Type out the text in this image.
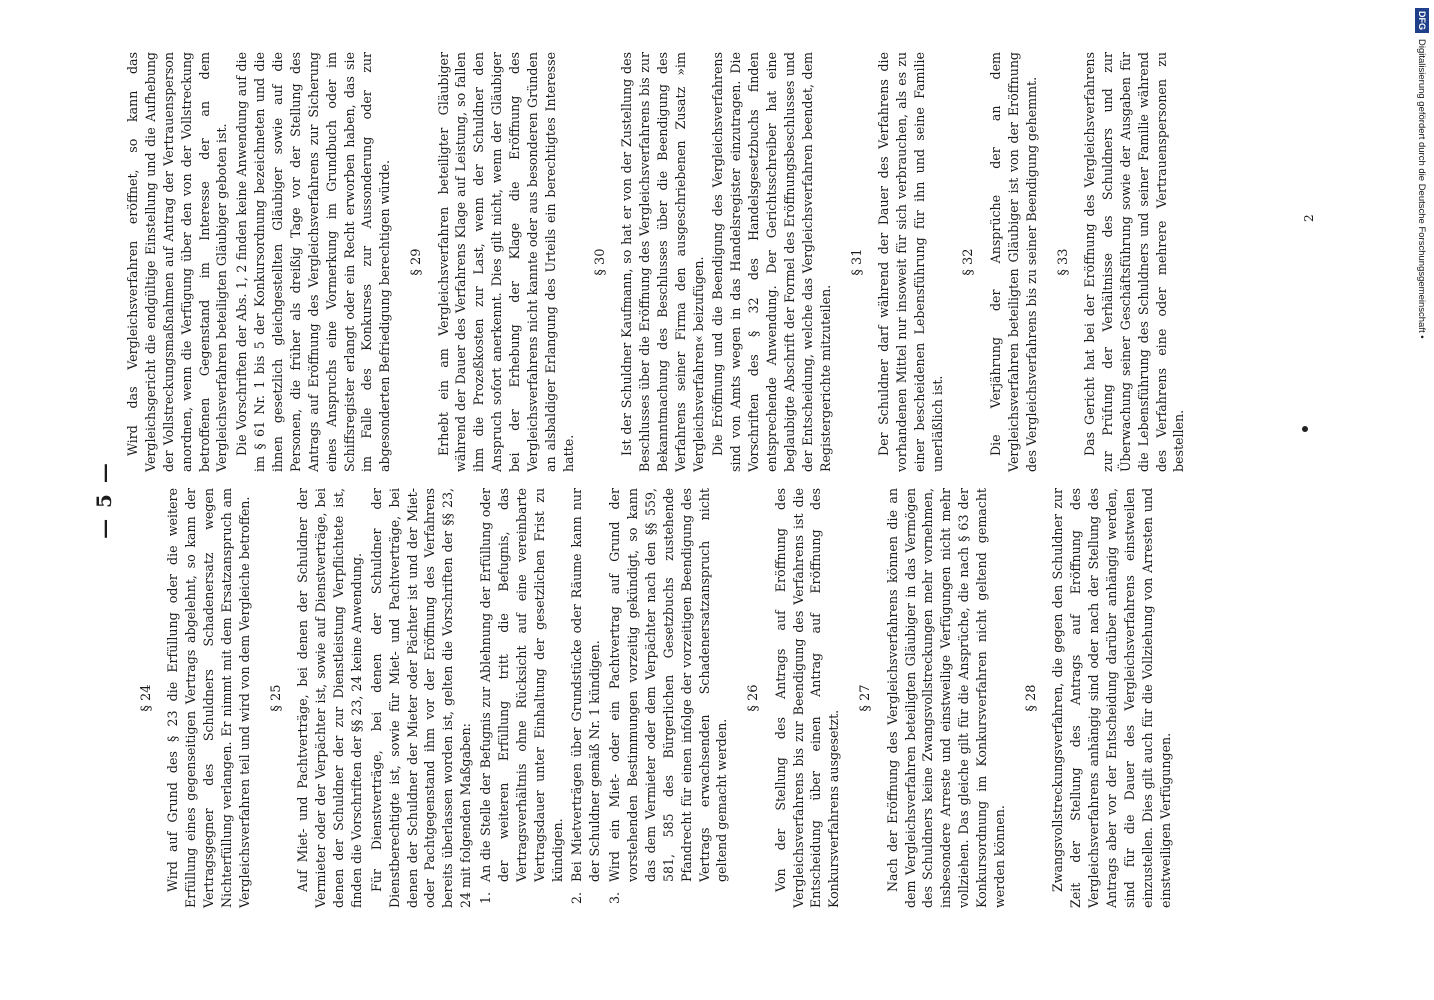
— 5 —
§ 24 Wird auf Grund des § 23 die Erfüllung oder die weitere Erfüllung eines gegenseitigen Vertrags abgelehnt, so kann der Vertragsgegner des Schuldners Schadenersatz wegen Nichterfüllung verlangen. Er nimmt mit dem Ersatzanspruch am Vergleichsverfahren teil und wird von dem Vergleiche betroffen. § 25 Auf Miet- und Pachtverträge, bei denen der Schuldner der Vermieter oder der Verpächter ist, sowie auf Dienstverträge, bei denen der Schuldner der zur Dienstleistung Verpflichtete ist, finden die Vorschriften der §§ 23, 24 keine Anwendung. Für Dienstverträge, bei denen der Schuldner der Dienstberechtigte ist, sowie für Miet- und Pachtverträge, bei denen der Schuldner der Mieter oder Pächter ist und der Miet- oder Pachtgegenstand ihm vor der Eröffnung des Verfahrens bereits überlassen worden ist, gelten die Vorschriften der §§ 23, 24 mit folgenden Maßgaben: 1.
An die Stelle der Befugnis zur Ablehnung der Erfüllung oder der weiteren Erfüllung tritt die Befugnis, das Vertragsverhältnis ohne Rücksicht auf eine vereinbarte Vertragsdauer unter Einhaltung der gesetzlichen Frist zu kündigen.
2.
Bei Mietverträgen über Grundstücke oder Räume kann nur der Schuldner gemäß Nr. 1 kündigen.
3.
Wird ein Miet- oder ein Pachtvertrag auf Grund der vorstehenden Bestimmungen vorzeitig gekündigt, so kann das dem Vermieter oder dem Verpächter nach den §§ 559, 581, 585 des Bürgerlichen Gesetzbuchs zustehende Pfandrecht für einen infolge der vorzeitigen Beendigung des Vertrags erwachsenden Schadenersatzanspruch nicht geltend gemacht werden.
§ 26 Von der Stellung des Antrags auf Eröffnung des Vergleichsverfahrens bis zur Beendigung des Verfahrens ist die Entscheidung über einen Antrag auf Eröffnung des Konkursverfahrens ausgesetzt.

§ 27 Nach der Eröffnung des Vergleichsverfahrens können die an dem Vergleichsverfahren beteiligten Gläubiger in das Vermögen des Schuldners keine Zwangsvollstreckungen mehr vornehmen, insbesondere Arreste und einstweilige Verfügungen nicht mehr vollziehen. Das gleiche gilt für die Ansprüche, die nach § 63 der Konkursordnung im Konkursverfahren nicht geltend gemacht werden können.

§ 28 Zwangsvollstreckungsverfahren, die gegen den Schuldner zur Zeit der Stellung des Antrags auf Eröffnung des Vergleichsverfahrens anhängig sind oder nach der Stellung des Antrags aber vor der Entscheidung darüber anhängig werden, sind für die Dauer des Vergleichsverfahrens einstweilen einzustellen. Dies gilt auch für die Vollziehung von Arresten und einstweiligen Verfügungen.

Wird das Vergleichsverfahren eröffnet, so kann das Vergleichsgericht die endgültige Einstellung und die Aufhebung der Vollstreckungsmaßnahmen auf Antrag der Vertrauensperson anordnen, wenn die Verfügung über den von der Vollstreckung betroffenen Gegenstand im Interesse der an dem Vergleichsverfahren beteiligten Gläubiger geboten ist. Die Vorschriften der Abs. 1, 2 finden keine Anwendung auf die im § 61 Nr. 1 bis 5 der Konkursordnung bezeichneten und die ihnen gesetzlich gleichgestellten Gläubiger sowie auf die Personen, die früher als dreißig Tage vor der Stellung des Antrags auf Eröffnung des Vergleichsverfahrens zur Sicherung eines Anspruchs eine Vormerkung im Grundbuch oder im Schiffsregister erlangt oder ein Recht erworben haben, das sie im Falle des Konkurses zur Aussonderung oder zur abgesonderten Befriedigung berechtigen würde. § 29 Erhebt ein am Vergleichsverfahren beteiligter Gläubiger während der Dauer des Verfahrens Klage auf Leistung, so fallen ihm die Prozeßkosten zur Last, wenn der Schuldner den Anspruch sofort anerkennt. Dies gilt nicht, wenn der Gläubiger bei der Erhebung der Klage die Eröffnung des Vergleichsverfahrens nicht kannte oder aus besonderen Gründen an alsbaldiger Erlangung des Urteils ein berechtigtes Interesse hatte.

§ 30 Ist der Schuldner Kaufmann, so hat er von der Zustellung des Beschlusses über die Eröffnung des Vergleichsverfahrens bis zur Bekanntmachung des Beschlusses über die Beendigung des Verfahrens seiner Firma den ausgeschriebenen Zusatz »im Vergleichsverfahren« beizufügen. Die Eröffnung und die Beendigung des Vergleichsverfahrens sind von Amts wegen in das Handelsregister einzutragen. Die Vorschriften des § 32 des Handelsgesetzbuchs finden entsprechende Anwendung. Der Gerichtsschreiber hat eine beglaubigte Abschrift der Formel des Eröffnungsbeschlusses und der Entscheidung, welche das Vergleichsverfahren beendet, dem Registergerichte mitzuteilen.

§ 31 Der Schuldner darf während der Dauer des Verfahrens die vorhandenen Mittel nur insoweit für sich verbrauchen, als es zu einer bescheidenen Lebensführung für ihn und seine Familie unerläßlich ist.

§ 32 Die Verjährung der Ansprüche der an dem Vergleichsverfahren beteiligten Gläubiger ist von der Eröffnung des Vergleichsverfahrens bis zu seiner Beendigung gehemmt. § 33 Das Gericht hat bei der Eröffnung des Vergleichsverfahrens zur Prüfung der Verhältnisse des Schuldners und zur Überwachung seiner Geschäftsführung sowie der Ausgaben für die Lebensführung des Schuldners und seiner Familie während des Verfahrens eine oder mehrere Vertrauenspersonen zu bestellen.

2
DFGDigitalisierung gefördert durch die Deutsche Forschungsgemeinschaft •
